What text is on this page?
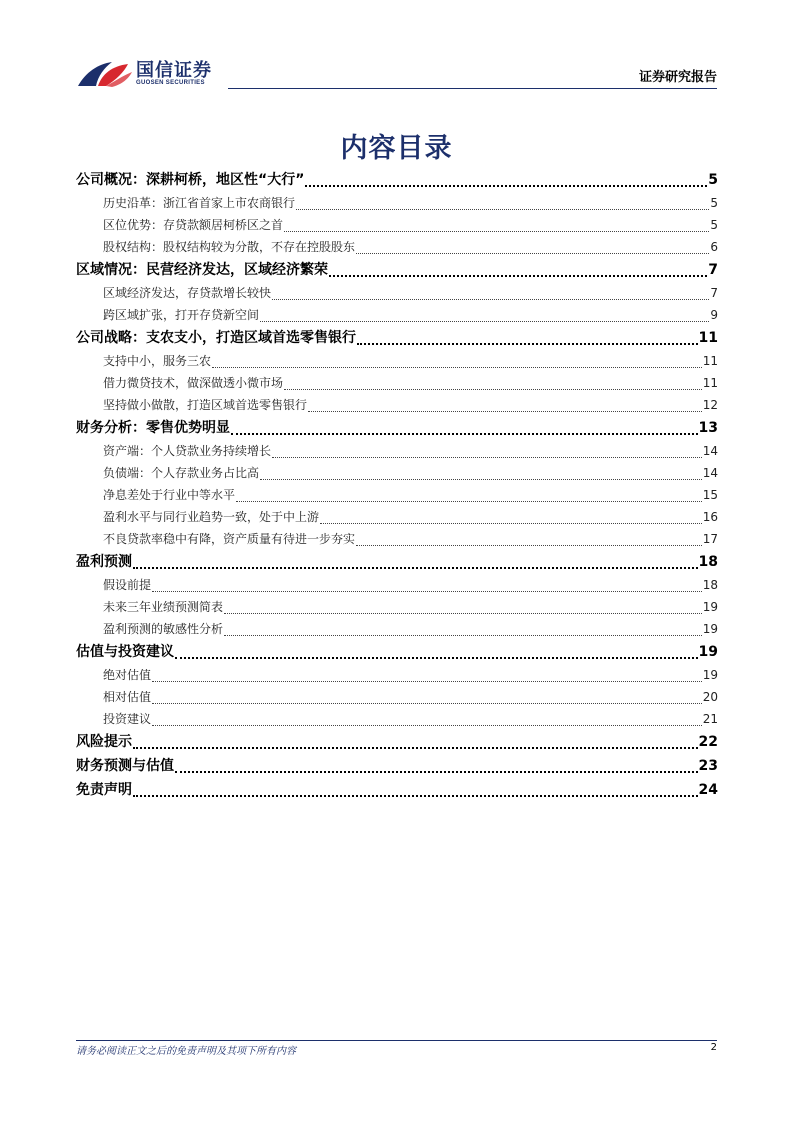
国信证券
GUOSEN SECURITIES	证券研究报告
内容目录
公司概况：深耕柯桥，地区性“大行”	5
历史沿革：浙江省首家上市农商银行	5
区位优势：存贷款额居柯桥区之首	5
股权结构：股权结构较为分散，不存在控股股东	6
区域情况：民营经济发达，区域经济繁荣	7
区域经济发达，存贷款增长较快	7
跨区域扩张，打开存贷新空间	9
公司战略：支农支小，打造区域首选零售银行	11
支持中小，服务三农	11
借力微贷技术，做深做透小微市场	11
坚持做小做散，打造区域首选零售银行	12
财务分析：零售优势明显	13
资产端：个人贷款业务持续增长	14
负债端：个人存款业务占比高	14
净息差处于行业中等水平	15
盈利水平与同行业趋势一致，处于中上游	16
不良贷款率稳中有降，资产质量有待进一步夯实	17
盈利预测	18
假设前提	18
未来三年业绩预测简表	19
盈利预测的敏感性分析	19
估值与投资建议	19
绝对估值	19
相对估值	20
投资建议	21
风险提示	22
财务预测与估值	23
免责声明	24
请务必阅读正文之后的免责声明及其项下所有内容	2
